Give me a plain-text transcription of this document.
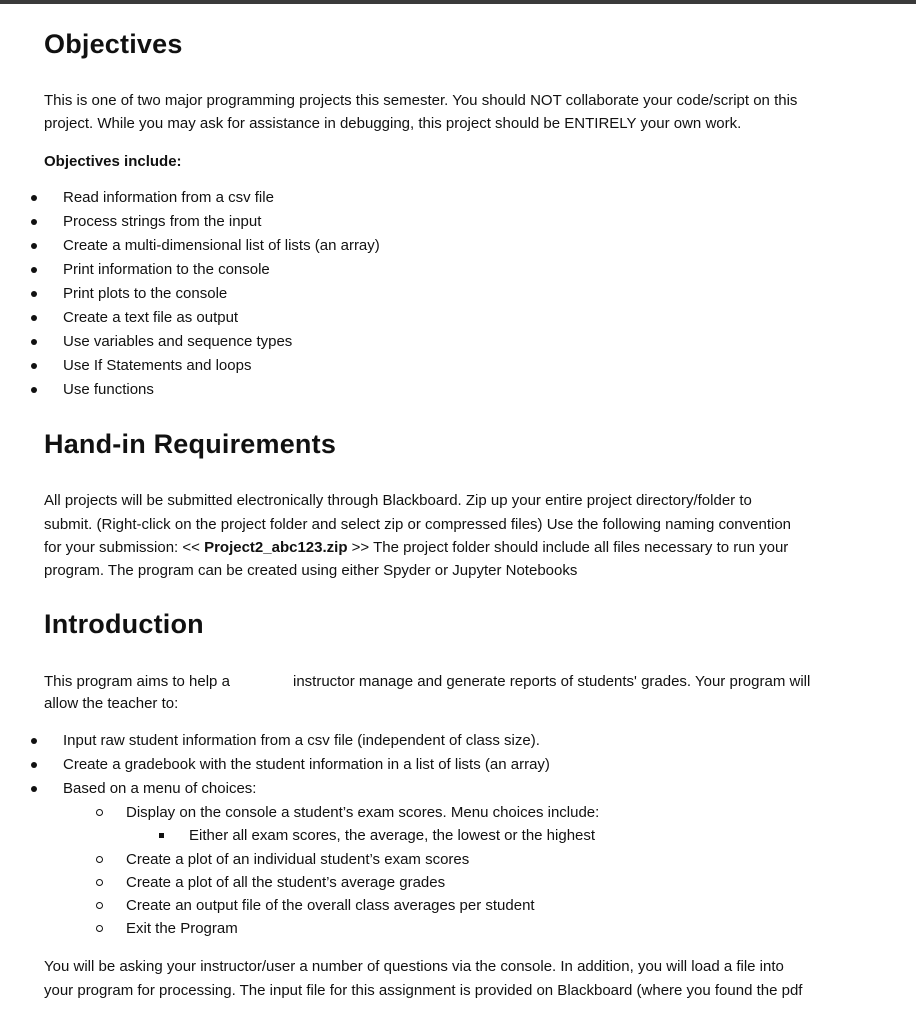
Objectives

This is one of two major programming projects this semester. You should NOT collaborate your code/script on this

project. While you may ask for assistance in debugging, this project should be ENTIRELY your own work.

Objectives include:

Read information from a csv file
Process strings from the input
Create a multi-dimensional list of lists (an array)
Print information to the console
Print plots to the console
Create a text file as output
Use variables and sequence types
Use If Statements and loops
Use functions
Hand-in Requirements

All projects will be submitted electronically through Blackboard. Zip up your entire project directory/folder to

submit. (Right-click on the project folder and select zip or compressed files) Use the following naming convention

for your submission: << Project2_abc123.zip >> The project folder should include all files necessary to run your

program. The program can be created using either Spyder or Jupyter Notebooks

Introduction

This program aims to help a	instructor manage and generate reports of students' grades. Your program will

allow the teacher to:

Input raw student information from a csv file (independent of class size).
Create a gradebook with the student information in a list of lists (an array)
Based on a menu of choices:
Display on the console a student’s exam scores. Menu choices include:
Either all exam scores, the average, the lowest or the highest
Create a plot of an individual student’s exam scores
Create a plot of all the student’s average grades
Create an output file of the overall class averages per student
Exit the Program

You will be asking your instructor/user a number of questions via the console. In addition, you will load a file into

your program for processing. The input file for this assignment is provided on Blackboard (where you found the pdf
